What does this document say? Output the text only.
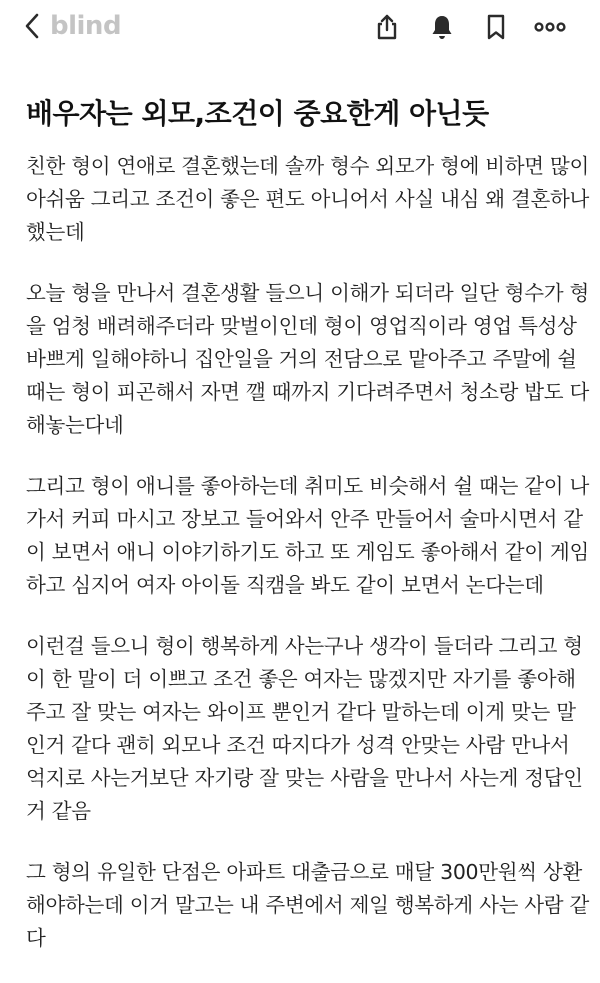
blind
배우자는 외모,조건이 중요한게 아닌듯

친한 형이 연애로 결혼했는데 솔까 형수 외모가 형에 비하면 많이
아쉬움 그리고 조건이 좋은 편도 아니어서 사실 내심 왜 결혼하나
했는데

오늘 형을 만나서 결혼생활 들으니 이해가 되더라 일단 형수가 형
을 엄청 배려해주더라 맞벌이인데 형이 영업직이라 영업 특성상
바쁘게 일해야하니 집안일을 거의 전담으로 맡아주고 주말에 쉴
때는 형이 피곤해서 자면 깰 때까지 기다려주면서 청소랑 밥도 다
해놓는다네

그리고 형이 애니를 좋아하는데 취미도 비슷해서 쉴 때는 같이 나
가서 커피 마시고 장보고 들어와서 안주 만들어서 술마시면서 같
이 보면서 애니 이야기하기도 하고 또 게임도 좋아해서 같이 게임
하고 심지어 여자 아이돌 직캠을 봐도 같이 보면서 논다는데

이런걸 들으니 형이 행복하게 사는구나 생각이 들더라 그리고 형
이 한 말이 더 이쁘고 조건 좋은 여자는 많겠지만 자기를 좋아해
주고 잘 맞는 여자는 와이프 뿐인거 같다 말하는데 이게 맞는 말
인거 같다 괜히 외모나 조건 따지다가 성격 안맞는 사람 만나서
억지로 사는거보단 자기랑 잘 맞는 사람을 만나서 사는게 정답인
거 같음

그 형의 유일한 단점은 아파트 대출금으로 매달 300만원씩 상환
해야하는데 이거 말고는 내 주변에서 제일 행복하게 사는 사람 같
다
